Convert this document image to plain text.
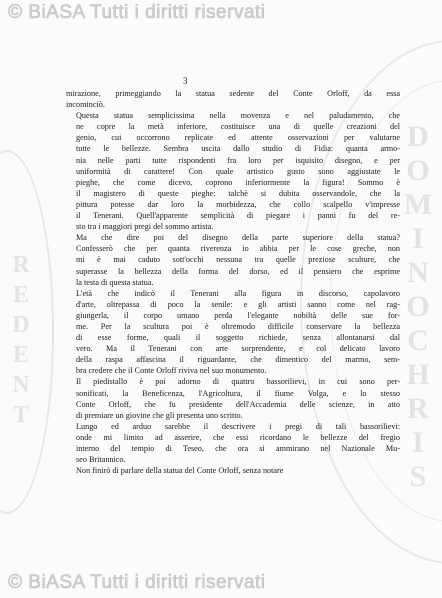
© BiASA Tutti i diritti riservati
D
O
M
I
N
O
C
H
R
I
S
R
E
D
E
N
T
3

mirazione, primeggiando la statua sedente del Conte Orloff, da essa
incominciò.

Questa statua semplicissima nella movenza e nel paludamento, che
ne copre la metà inferiore, costituisce una di quelle creazioni del
genio, cui occorrono replicate ed attente osservazioni per valutarne
tutte le bellezze. Sembra uscita dallo studio di Fidia: quanta armo-
nia nelle parti tutte rispondenti fra loro per isquisito disegno, e per
uniformità di carattere! Con quale artistico gusto sono aggiustate le
pieghe, che come dicevo, coprono inferiormente la figura! Sommo è
il magistero di queste pieghe: talchè si dubita osservandole, che la
pittura potesse dar loro la morbidezza, che collo scalpello v'impresse
il Tenerani. Quell'apparente semplicità di piegare i panni fu del re-
sto tra i maggiori pregi del sommo artista.

Ma che dire poi del disegno della parte superiore della statua?
Confesserò che per quanta riverenza io abbia per le cose greche, non
mi è mai caduto sott'occhi nessuna tra quelle preziose sculture, che
superasse la bellezza della forma del dorso, ed il pensiero che esprime
la testa di questa statua.

L'età che indicò il Tenerani alla figura in discorso, capolavoro
d'arte, oltrepassa di poco la senile: e gli artisti sanno come nel rag-
giungerla, il corpo umano perda l'elegante nobiltà delle sue for-
me. Per la scultura poi è oltremodo difficile conservare la bellezza
di esse forme, quali il soggetto richiede, senza allontanarsi dal
vero. Ma il Tenerani con arte sorprendente, e col delicato lavoro
della raspa affascina il riguardante, che dimentico del marmo, sem-
bra credere che il Conte Orloff riviva nel suo monumento.

Il piedistallo è poi adorno di quattro bassorilievi, in cui sono per-
sonificati, la Beneficenza, l'Agricoltura, il fiume Volga, e lo stesso
Conte Orloff, che fu presidente dell'Accademia delle scienze, in atto
di premiare un giovine che gli presenta uno scritto.

Lungo ed arduo sarebbe il descrivere i pregi di tali bassorilievi:
onde mi limito ad asserire, che essi ricordano le bellezze del fregio
interno del tempio di Teseo, che ora si ammirano nel Nazionale Mu-
seo Britannico.

Non finirò di parlare della statua del Conte Orloff, senza notare

© BiASA Tutti i diritti riservati
